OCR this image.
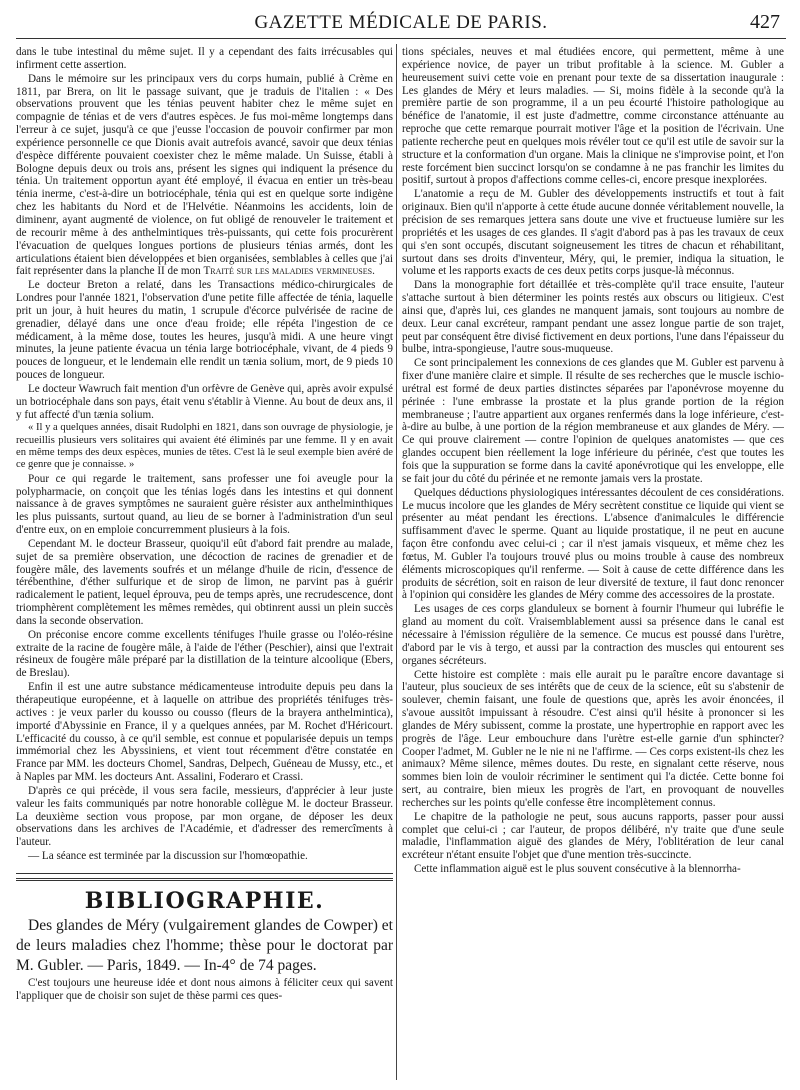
GAZETTE MÉDICALE DE PARIS.	427

dans le tube intestinal du même sujet. Il y a cependant des faits irrécusables qui infirment cette assertion.

Dans le mémoire sur les principaux vers du corps humain, publié à Crème en 1811, par Brera, on lit le passage suivant, que je traduis de l'italien : « Des observations prouvent que les ténias peuvent habiter chez le même sujet en compagnie de ténias et de vers d'autres espèces. Je fus moi-même longtemps dans l'erreur à ce sujet, jusqu'à ce que j'eusse l'occasion de pouvoir confirmer par mon expérience personnelle ce que Dionis avait autrefois avancé, savoir que deux ténias d'espèce différente pouvaient coexister chez le même malade. Un Suisse, établi à Bologne depuis deux ou trois ans, présent les signes qui indiquent la présence du ténia. Un traitement opportun ayant été employé, il évacua en entier un très-beau ténia inerme, c'est-à-dire un botriocéphale, ténia qui est en quelque sorte indigène chez les habitants du Nord et de l'Helvétie. Néanmoins les accidents, loin de diminenr, ayant augmenté de violence, on fut obligé de renouveler le traitement et de recourir même à des anthelmintiques très-puissants, qui cette fois procurèrent l'évacuation de quelques longues portions de plusieurs ténias armés, dont les articulations étaient bien développées et bien organisées, semblables à celles que j'ai fait représenter dans la planche II de mon Traité sur les maladies vermineuses.

Le docteur Breton a relaté, dans les Transactions médico-chirurgicales de Londres pour l'année 1821, l'observation d'une petite fille affectée de ténia, laquelle prit un jour, à huit heures du matin, 1 scrupule d'écorce pulvérisée de racine de grenadier, délayé dans une once d'eau froide; elle répéta l'ingestion de ce médicament, à la même dose, toutes les heures, jusqu'à midi. A une heure vingt minutes, la jeune patiente évacua un ténia large botriocéphale, vivant, de 4 pieds 9 pouces de longueur, et le lendemain elle rendit un tænia solium, mort, de 9 pieds 10 pouces de longueur.

Le docteur Wawruch fait mention d'un orfèvre de Genève qui, après avoir expulsé un botriocéphale dans son pays, était venu s'établir à Vienne. Au bout de deux ans, il y fut affecté d'un tænia solium.

« Il y a quelques années, disait Rudolphi en 1821, dans son ouvrage de physiologie, je recueillis plusieurs vers solitaires qui avaient été éliminés par une femme. Il y en avait en même temps des deux espèces, munies de têtes. C'est là le seul exemple bien avéré de ce genre que je connaisse. »

Pour ce qui regarde le traitement, sans professer une foi aveugle pour la polypharmacie, on conçoit que les ténias logés dans les intestins et qui donnent naissance à de graves symptômes ne sauraient guère résister aux anthelminthiques les plus puissants, surtout quand, au lieu de se borner à l'administration d'un seul d'entre eux, on en emploie concurremment plusieurs à la fois.

Cependant M. le docteur Brasseur, quoiqu'il eût d'abord fait prendre au malade, sujet de sa première observation, une décoction de racines de grenadier et de fougère mâle, des lavements soufrés et un mélange d'huile de ricin, d'essence de térébenthine, d'éther sulfurique et de sirop de limon, ne parvint pas à guérir radicalement le patient, lequel éprouva, peu de temps après, une recrudescence, dont triomphèrent complètement les mêmes remèdes, qui obtinrent aussi un plein succès dans la seconde observation.

On préconise encore comme excellents ténifuges l'huile grasse ou l'oléo-résine extraite de la racine de fougère mâle, à l'aide de l'éther (Peschier), ainsi que l'extrait résineux de fougère mâle préparé par la distillation de la teinture alcoolique (Ebers, de Breslau).

Enfin il est une autre substance médicamenteuse introduite depuis peu dans la thérapeutique européenne, et à laquelle on attribue des propriétés ténifuges très-actives : je veux parler du kousso ou cousso (fleurs de la brayera anthelmintica), importé d'Abyssinie en France, il y a quelques années, par M. Rochet d'Héricourt. L'efficacité du cousso, à ce qu'il semble, est connue et popularisée depuis un temps immémorial chez les Abyssiniens, et vient tout récemment d'être constatée en France par MM. les docteurs Chomel, Sandras, Delpech, Guéneau de Mussy, etc., et à Naples par MM. les docteurs Ant. Assalini, Foderaro et Crassi.

D'après ce qui précède, il vous sera facile, messieurs, d'apprécier à leur juste valeur les faits communiqués par notre honorable collègue M. le docteur Brasseur. La deuxième section vous propose, par mon organe, de déposer les deux observations dans les archives de l'Académie, et d'adresser des remercîments à l'auteur.

— La séance est terminée par la discussion sur l'homœopathie.

BIBLIOGRAPHIE.

Des glandes de Méry (vulgairement glandes de Cowper) et de leurs maladies chez l'homme; thèse pour le doctorat par M. Gubler. — Paris, 1849. — In-4° de 74 pages.

C'est toujours une heureuse idée et dont nous aimons à féliciter ceux qui savent l'appliquer que de choisir son sujet de thèse parmi ces ques-

tions spéciales, neuves et mal étudiées encore, qui permettent, même à une expérience novice, de payer un tribut profitable à la science. M. Gubler a heureusement suivi cette voie en prenant pour texte de sa dissertation inaugurale : Les glandes de Méry et leurs maladies. — Si, moins fidèle à la seconde qu'à la première partie de son programme, il a un peu écourté l'histoire pathologique au bénéfice de l'anatomie, il est juste d'admettre, comme circonstance atténuante au reproche que cette remarque pourrait motiver l'âge et la position de l'écrivain. Une patiente recherche peut en quelques mois révéler tout ce qu'il est utile de savoir sur la structure et la conformation d'un organe. Mais la clinique ne s'improvise point, et l'on reste forcément bien succinct lorsqu'on se condamne à ne pas franchir les limites du positif, surtout à propos d'affections comme celles-ci, encore presque inexplorées.

L'anatomie a reçu de M. Gubler des développements instructifs et tout à fait originaux. Bien qu'il n'apporte à cette étude aucune donnée véritablement nouvelle, la précision de ses remarques jettera sans doute une vive et fructueuse lumière sur les propriétés et les usages de ces glandes. Il s'agit d'abord pas à pas les travaux de ceux qui s'en sont occupés, discutant soigneusement les titres de chacun et réhabilitant, surtout dans ses droits d'inventeur, Méry, qui, le premier, indiqua la situation, le volume et les rapports exacts de ces deux petits corps jusque-là méconnus.

Dans la monographie fort détaillée et très-complète qu'il trace ensuite, l'auteur s'attache surtout à bien déterminer les points restés aux obscurs ou litigieux. C'est ainsi que, d'après lui, ces glandes ne manquent jamais, sont toujours au nombre de deux. Leur canal excréteur, rampant pendant une assez longue partie de son trajet, peut par conséquent être divisé fictivement en deux portions, l'une dans l'épaisseur du bulbe, intra-spongieuse, l'autre sous-muqueuse.

Ce sont principalement les connexions de ces glandes que M. Gubler est parvenu à fixer d'une manière claire et simple. Il résulte de ses recherches que le muscle ischio-urétral est formé de deux parties distinctes séparées par l'aponévrose moyenne du périnée : l'une embrasse la prostate et la plus grande portion de la région membraneuse ; l'autre appartient aux organes renfermés dans la loge inférieure, c'est-à-dire au bulbe, à une portion de la région membraneuse et aux glandes de Méry. — Ce qui prouve clairement — contre l'opinion de quelques anatomistes — que ces glandes occupent bien réellement la loge inférieure du périnée, c'est que toutes les fois que la suppuration se forme dans la cavité aponévrotique qui les enveloppe, elle se fait jour du côté du périnée et ne remonte jamais vers la prostate.

Quelques déductions physiologiques intéressantes découlent de ces considérations. Le mucus incolore que les glandes de Méry secrètent constitue ce liquide qui vient se présenter au méat pendant les érections. L'absence d'animalcules le différencie suffisamment d'avec le sperme. Quant au liquide prostatique, il ne peut en aucune façon être confondu avec celui-ci ; car il n'est jamais visqueux, et même chez les fœtus, M. Gubler l'a toujours trouvé plus ou moins trouble à cause des nombreux éléments microscopiques qu'il renferme. — Soit à cause de cette différence dans les produits de sécrétion, soit en raison de leur diversité de texture, il faut donc renoncer à l'opinion qui considère les glandes de Méry comme des accessoires de la prostate.

Les usages de ces corps glanduleux se bornent à fournir l'humeur qui lubréfie le gland au moment du coït. Vraisemblablement aussi sa présence dans le canal est nécessaire à l'émission régulière de la semence. Ce mucus est poussé dans l'urètre, d'abord par le vis à tergo, et aussi par la contraction des muscles qui entourent ses organes sécréteurs.

Cette histoire est complète : mais elle aurait pu le paraître encore davantage si l'auteur, plus soucieux de ses intérêts que de ceux de la science, eût su s'abstenir de soulever, chemin faisant, une foule de questions que, après les avoir énoncées, il s'avoue aussitôt impuissant à résoudre. C'est ainsi qu'il hésite à prononcer si les glandes de Méry subissent, comme la prostate, une hypertrophie en rapport avec les progrès de l'âge. Leur embouchure dans l'urètre est-elle garnie d'un sphincter? Cooper l'admet, M. Gubler ne le nie ni ne l'affirme. — Ces corps existent-ils chez les animaux? Même silence, mêmes doutes. Du reste, en signalant cette réserve, nous sommes bien loin de vouloir récriminer le sentiment qui l'a dictée. Cette bonne foi sert, au contraire, bien mieux les progrès de l'art, en provoquant de nouvelles recherches sur les points qu'elle confesse être incomplètement connus.

Le chapitre de la pathologie ne peut, sous aucuns rapports, passer pour aussi complet que celui-ci ; car l'auteur, de propos délibéré, n'y traite que d'une seule maladie, l'inflammation aiguë des glandes de Méry, l'oblitération de leur canal excréteur n'étant ensuite l'objet que d'une mention très-succincte.

Cette inflammation aiguë est le plus souvent consécutive à la blennorrha-
